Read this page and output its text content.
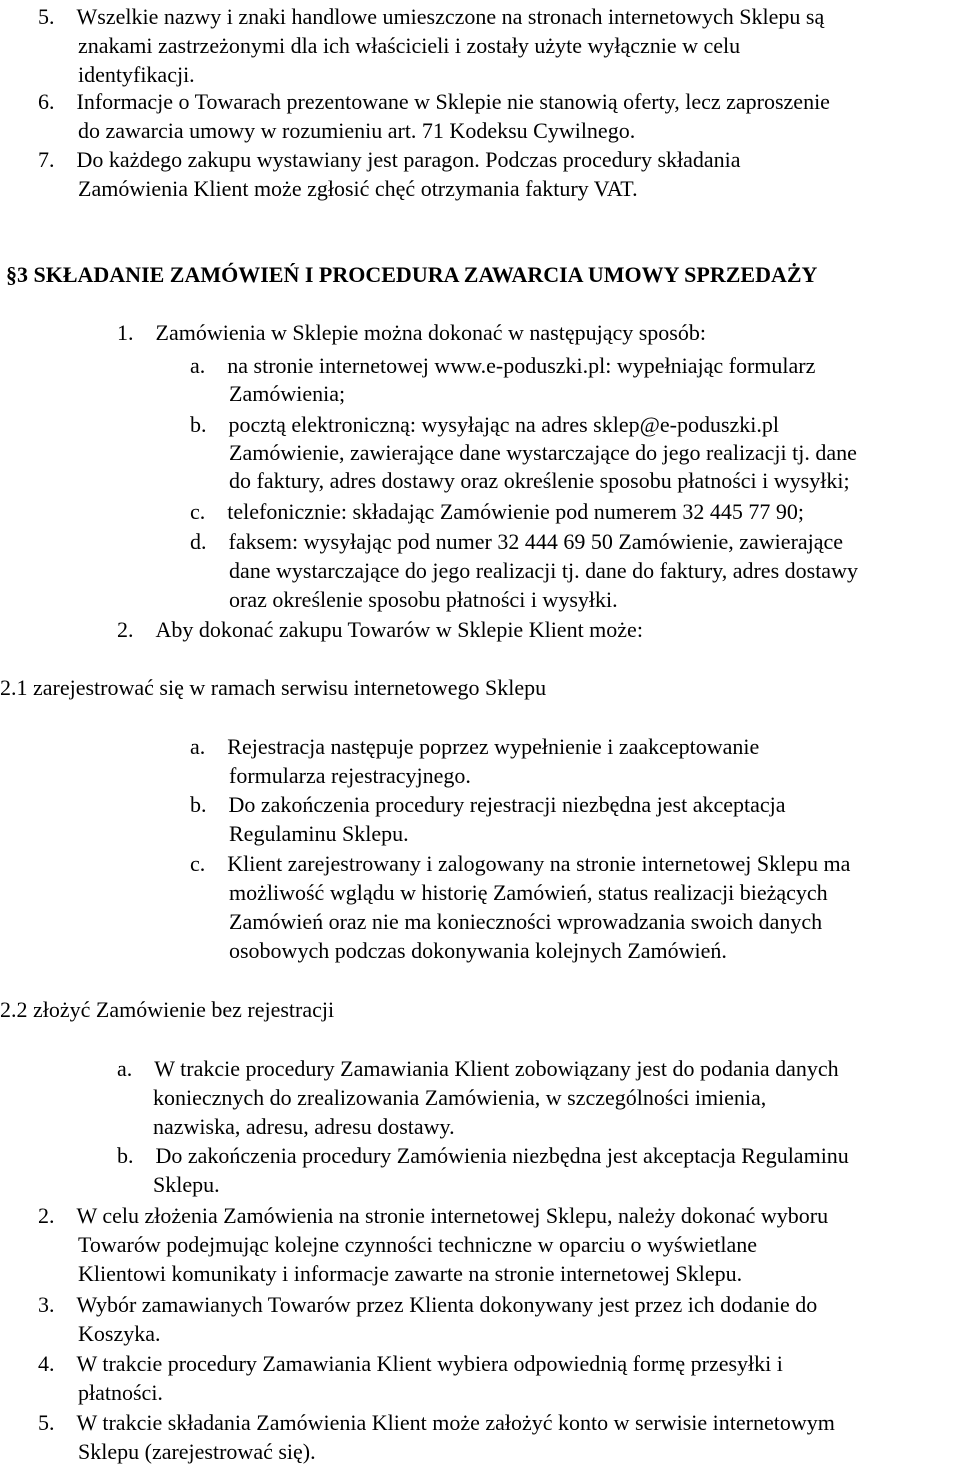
5. Wszelkie nazwy i znaki handlowe umieszczone na stronach internetowych Sklepu są
znakami zastrzeżonymi dla ich właścicieli i zostały użyte wyłącznie w celu
identyfikacji.
6. Informacje o Towarach prezentowane w Sklepie nie stanowią oferty, lecz zaproszenie
do zawarcia umowy w rozumieniu art. 71 Kodeksu Cywilnego.
7. Do każdego zakupu wystawiany jest paragon. Podczas procedury składania
Zamówienia Klient może zgłosić chęć otrzymania faktury VAT.
§3 SKŁADANIE ZAMÓWIEŃ I PROCEDURA ZAWARCIA UMOWY SPRZEDAŻY
1. Zamówienia w Sklepie można dokonać w następujący sposób:
a. na stronie internetowej www.e-poduszki.pl: wypełniając formularz
Zamówienia;
b. pocztą elektroniczną: wysyłając na adres sklep@e-poduszki.pl
Zamówienie, zawierające dane wystarczające do jego realizacji tj. dane
do faktury, adres dostawy oraz określenie sposobu płatności i wysyłki;
c. telefonicznie: składając Zamówienie pod numerem 32 445 77 90;
d. faksem: wysyłając pod numer 32 444 69 50 Zamówienie, zawierające
dane wystarczające do jego realizacji tj. dane do faktury, adres dostawy
oraz określenie sposobu płatności i wysyłki.
2. Aby dokonać zakupu Towarów w Sklepie Klient może:
2.1 zarejestrować się w ramach serwisu internetowego Sklepu
a. Rejestracja następuje poprzez wypełnienie i zaakceptowanie
formularza rejestracyjnego.
b. Do zakończenia procedury rejestracji niezbędna jest akceptacja
Regulaminu Sklepu.
c. Klient zarejestrowany i zalogowany na stronie internetowej Sklepu ma
możliwość wglądu w historię Zamówień, status realizacji bieżących
Zamówień oraz nie ma konieczności wprowadzania swoich danych
osobowych podczas dokonywania kolejnych Zamówień.
2.2 złożyć Zamówienie bez rejestracji
a. W trakcie procedury Zamawiania Klient zobowiązany jest do podania danych
koniecznych do zrealizowania Zamówienia, w szczególności imienia,
nazwiska, adresu, adresu dostawy.
b. Do zakończenia procedury Zamówienia niezbędna jest akceptacja Regulaminu
Sklepu.
2. W celu złożenia Zamówienia na stronie internetowej Sklepu, należy dokonać wyboru
Towarów podejmując kolejne czynności techniczne w oparciu o wyświetlane
Klientowi komunikaty i informacje zawarte na stronie internetowej Sklepu.
3. Wybór zamawianych Towarów przez Klienta dokonywany jest przez ich dodanie do
Koszyka.
4. W trakcie procedury Zamawiania Klient wybiera odpowiednią formę przesyłki i
płatności.
5. W trakcie składania Zamówienia Klient może założyć konto w serwisie internetowym
Sklepu (zarejestrować się).
